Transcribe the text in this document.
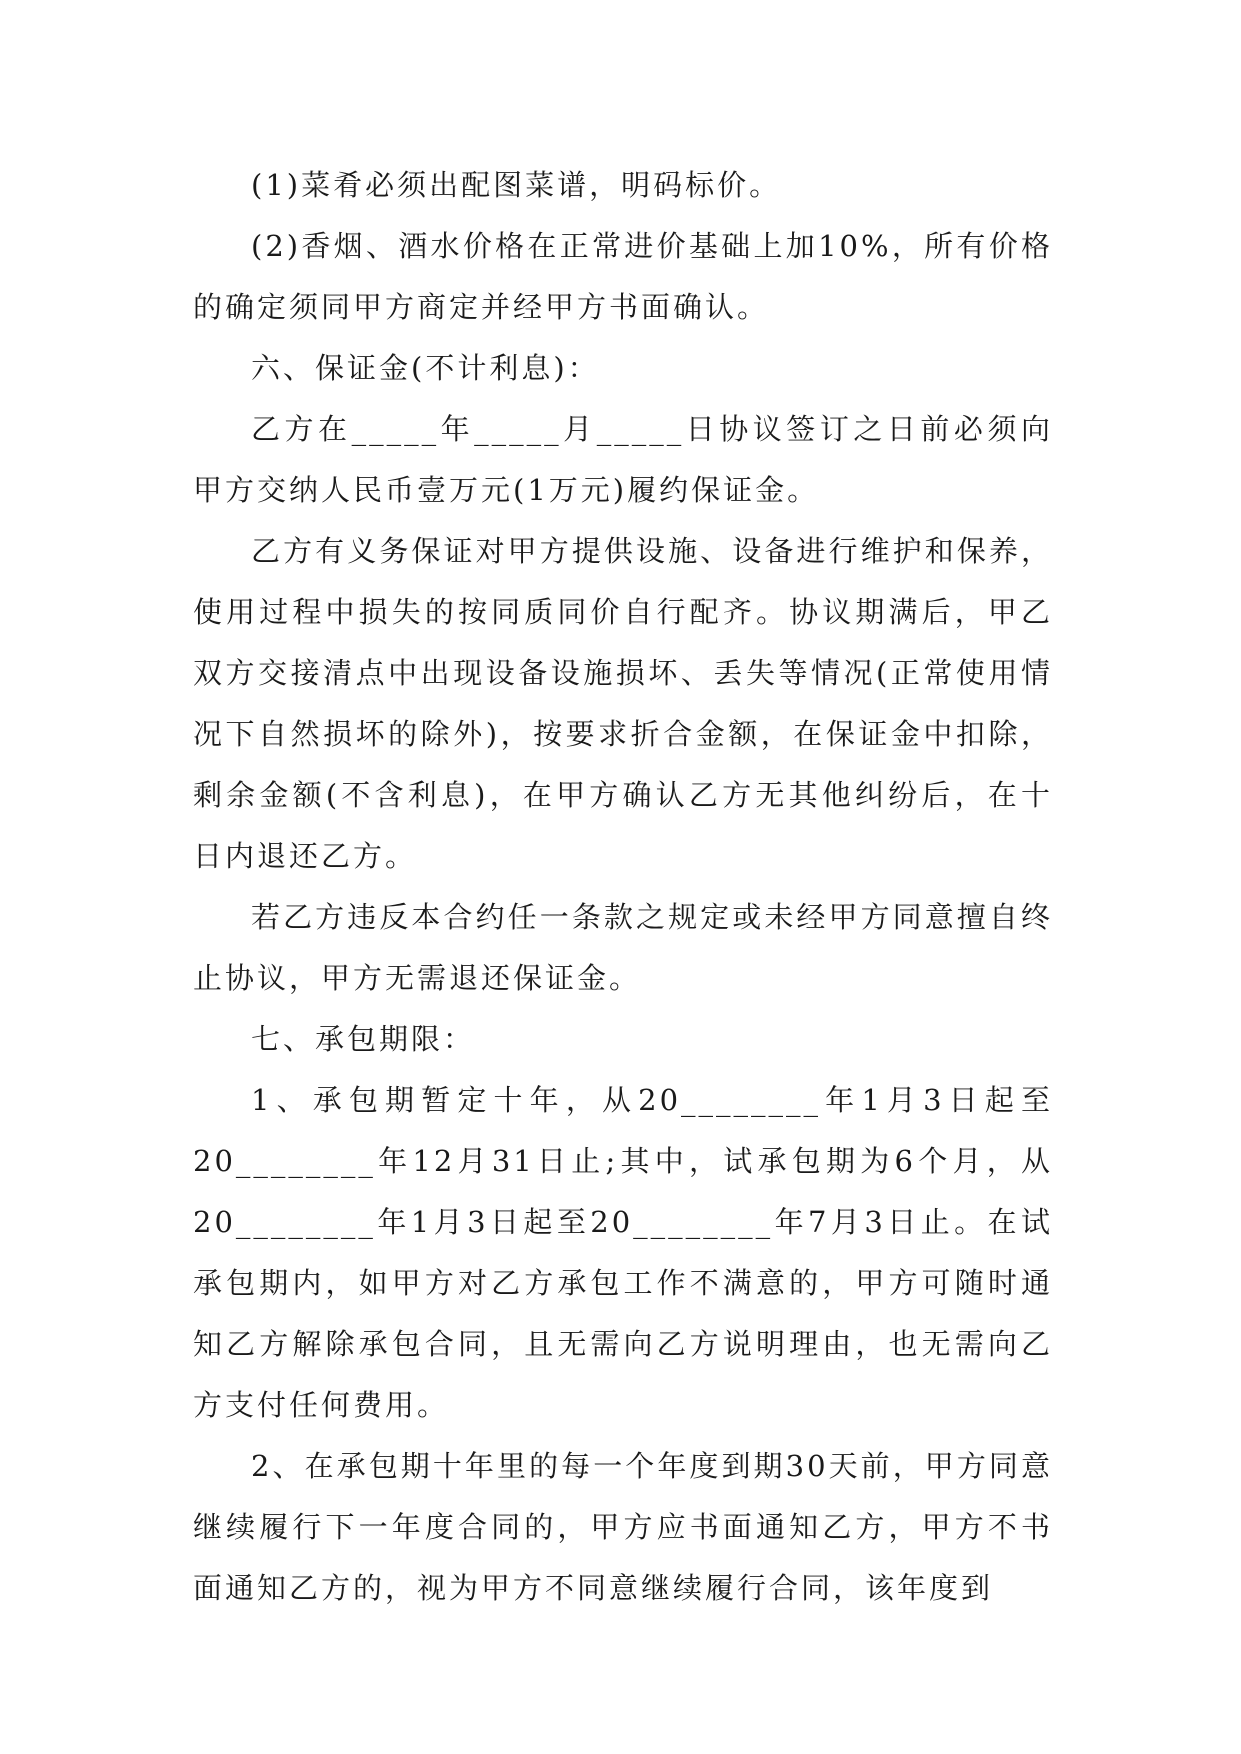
(1)菜肴必须出配图菜谱，明码标价。

(2)香烟、酒水价格在正常进价基础上加10%，所有价格的确定须同甲方商定并经甲方书面确认。

六、保证金(不计利息)：

乙方在_____年_____月_____日协议签订之日前必须向甲方交纳人民币壹万元(1万元)履约保证金。

乙方有义务保证对甲方提供设施、设备进行维护和保养，使用过程中损失的按同质同价自行配齐。协议期满后，甲乙双方交接清点中出现设备设施损坏、丢失等情况(正常使用情况下自然损坏的除外)，按要求折合金额，在保证金中扣除，剩余金额(不含利息)，在甲方确认乙方无其他纠纷后，在十日内退还乙方。

若乙方违反本合约任一条款之规定或未经甲方同意擅自终止协议，甲方无需退还保证金。

七、承包期限：

1、承包期暂定十年，从20________年1月3日起至20________年12月31日止;其中，试承包期为6个月，从20________年1月3日起至20________年7月3日止。在试承包期内，如甲方对乙方承包工作不满意的，甲方可随时通知乙方解除承包合同，且无需向乙方说明理由，也无需向乙方支付任何费用。

2、在承包期十年里的每一个年度到期30天前，甲方同意继续履行下一年度合同的，甲方应书面通知乙方，甲方不书面通知乙方的，视为甲方不同意继续履行合同，该年度到
